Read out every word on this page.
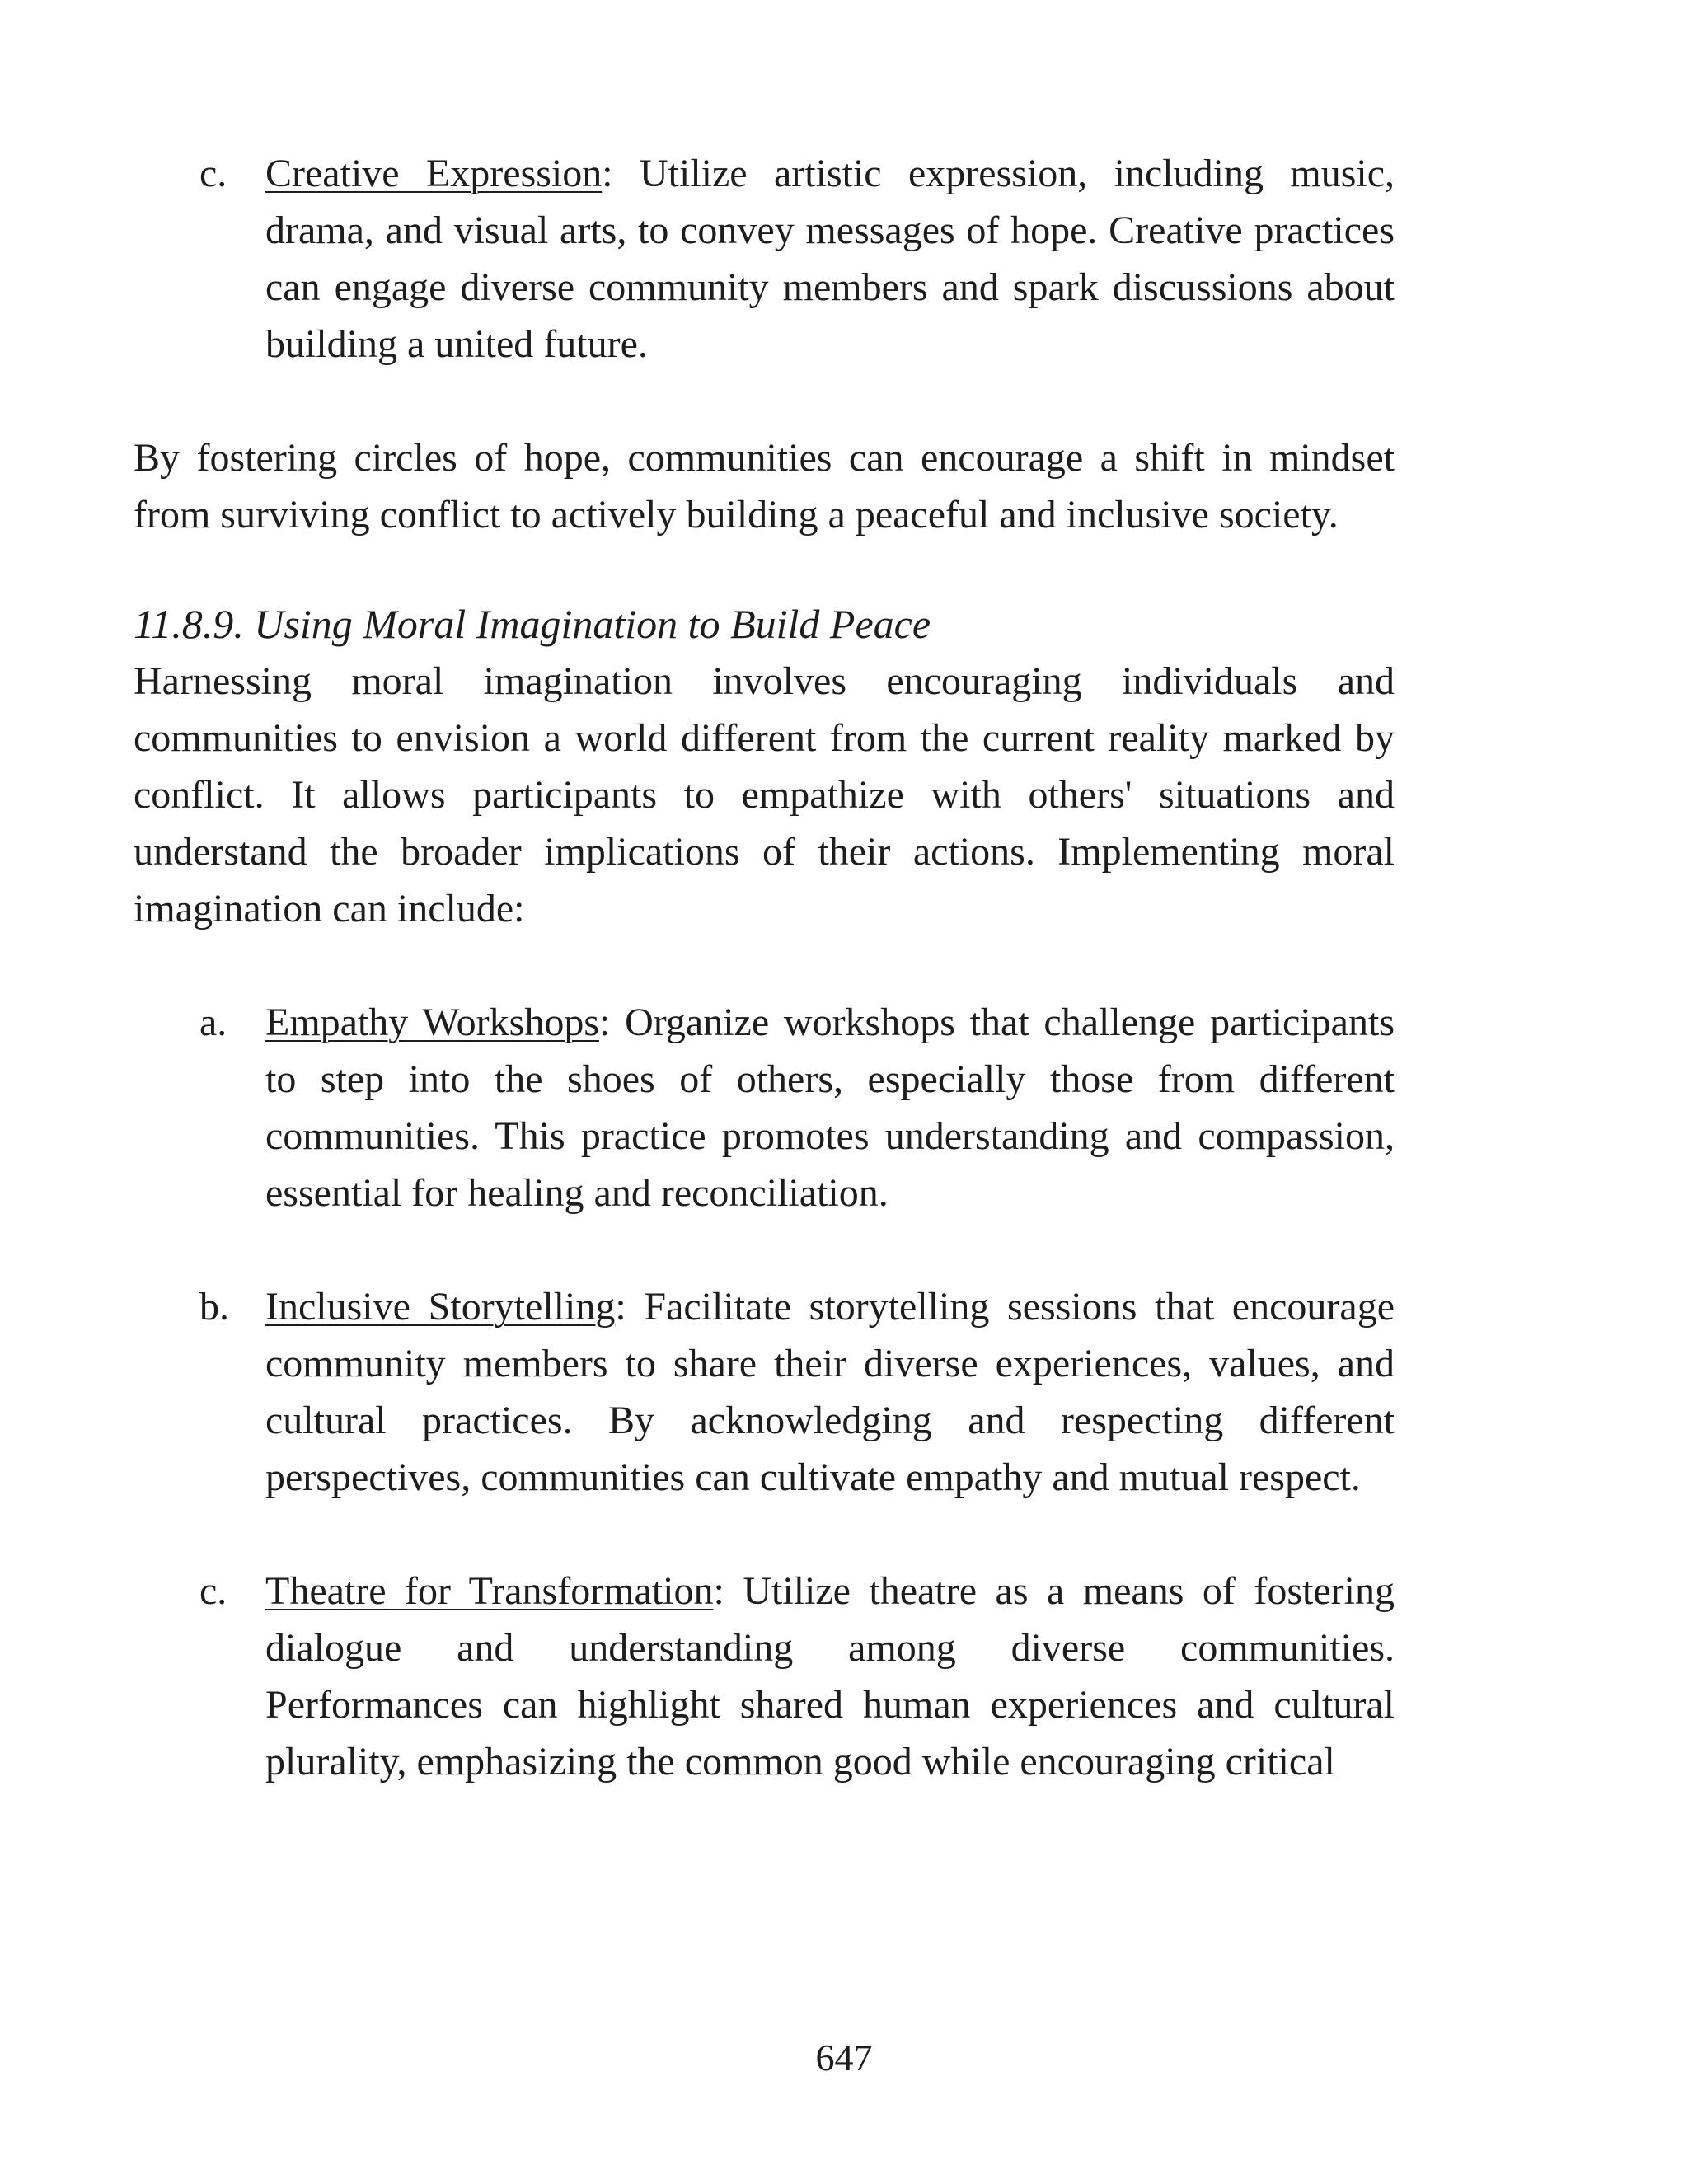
c. Creative Expression: Utilize artistic expression, including music, drama, and visual arts, to convey messages of hope. Creative practices can engage diverse community members and spark discussions about building a united future.
By fostering circles of hope, communities can encourage a shift in mindset from surviving conflict to actively building a peaceful and inclusive society.
11.8.9. Using Moral Imagination to Build Peace
Harnessing moral imagination involves encouraging individuals and communities to envision a world different from the current reality marked by conflict. It allows participants to empathize with others' situations and understand the broader implications of their actions. Implementing moral imagination can include:
a. Empathy Workshops: Organize workshops that challenge participants to step into the shoes of others, especially those from different communities. This practice promotes understanding and compassion, essential for healing and reconciliation.
b. Inclusive Storytelling: Facilitate storytelling sessions that encourage community members to share their diverse experiences, values, and cultural practices. By acknowledging and respecting different perspectives, communities can cultivate empathy and mutual respect.
c. Theatre for Transformation: Utilize theatre as a means of fostering dialogue and understanding among diverse communities. Performances can highlight shared human experiences and cultural plurality, emphasizing the common good while encouraging critical
647
